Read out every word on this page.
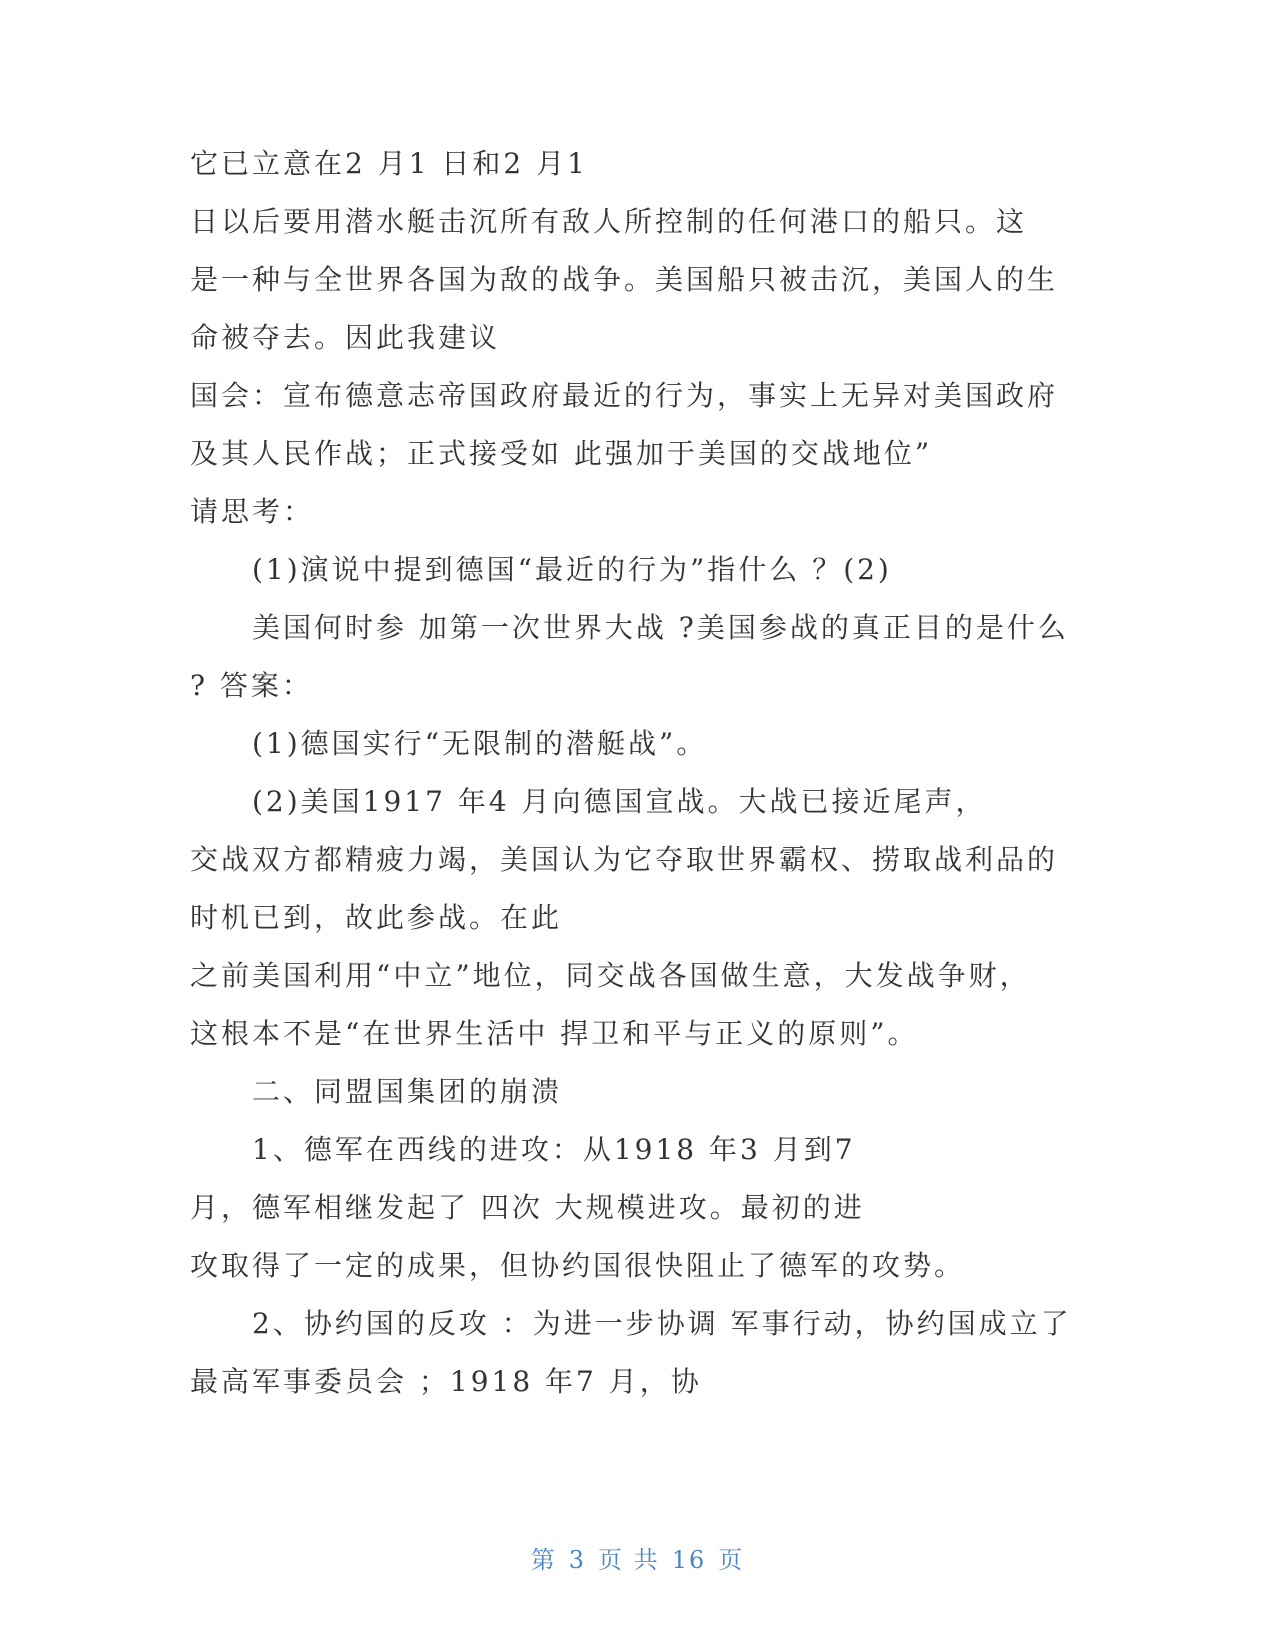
它已立意在2 月1 日和2 月1
日以后要用潜水艇击沉所有敌人所控制的任何港口的船只。这
是一种与全世界各国为敌的战争。美国船只被击沉，美国人的生
命被夺去。因此我建议
国会：宣布德意志帝国政府最近的行为，事实上无异对美国政府
及其人民作战；正式接受如 此强加于美国的交战地位”
请思考：
(1)演说中提到德国“最近的行为”指什么 ？(2)
美国何时参 加第一次世界大战 ?美国参战的真正目的是什么
? 答案：
(1)德国实行“无限制的潜艇战”。
(2)美国1917 年4 月向德国宣战。大战已接近尾声，
交战双方都精疲力竭，美国认为它夺取世界霸权、捞取战利品的
时机已到，故此参战。在此
之前美国利用“中立”地位，同交战各国做生意，大发战争财，
这根本不是“在世界生活中 捍卫和平与正义的原则”。
二、同盟国集团的崩溃
1、德军在西线的进攻：从1918 年3 月到7
月，德军相继发起了 四次 大规模进攻。最初的进
攻取得了一定的成果，但协约国很快阻止了德军的攻势。
2、协约国的反攻 ：为进一步协调 军事行动，协约国成立了
最高军事委员会 ；1918 年7 月，协
第 3 页 共 16 页
